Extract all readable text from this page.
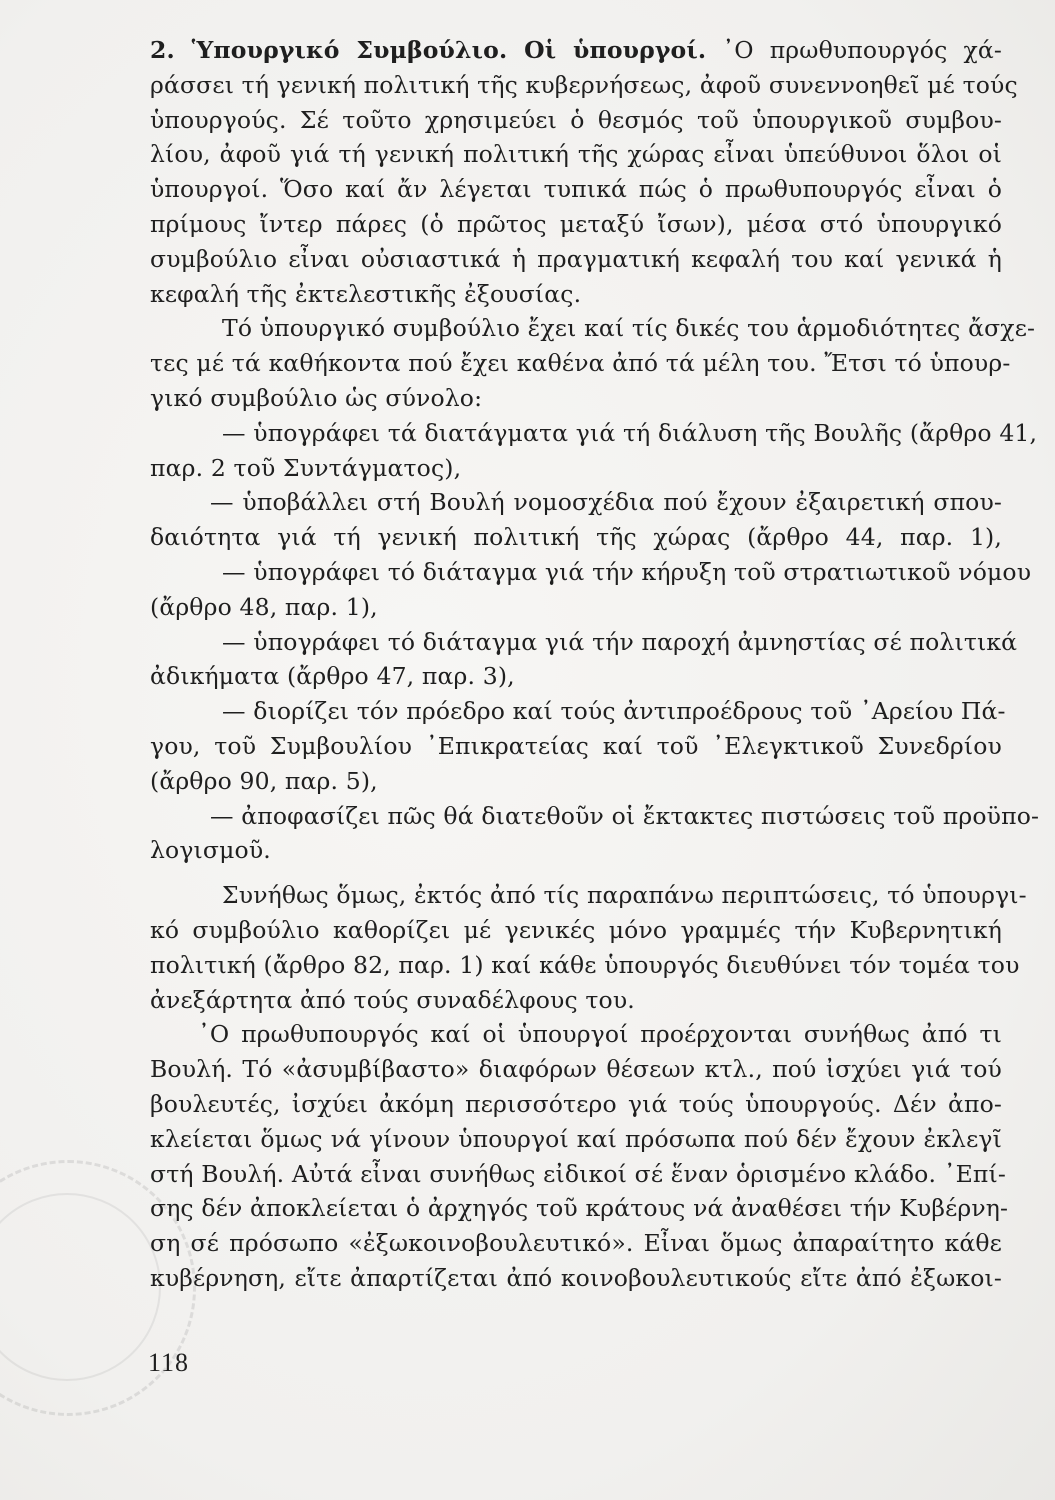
2. Ὑπουργικό Συμβούλιο. Οἱ ὑπουργοί. ᾿Ο πρωθυπουργός χά-
ράσσει τή γενική πολιτική τῆς κυβερνήσεως, ἀφοῦ συνεννοηθεῖ μέ τούς
ὑπουργούς. Σέ τοῦτο χρησιμεύει ὁ θεσμός τοῦ ὑπουργικοῦ συμβου-
λίου, ἀφοῦ γιά τή γενική πολιτική τῆς χώρας εἶναι ὑπεύθυνοι ὅλοι οἱ
ὑπουργοί. Ὅσο καί ἄν λέγεται τυπικά πώς ὁ πρωθυπουργός εἶναι ὁ
πρίμους ἴντερ πάρες (ὁ πρῶτος μεταξύ ἴσων), μέσα στό ὑπουργικό
συμβούλιο εἶναι οὐσιαστικά ἡ πραγματική κεφαλή του καί γενικά ἡ
κεφαλή τῆς ἐκτελεστικῆς ἐξουσίας.
Τό ὑπουργικό συμβούλιο ἔχει καί τίς δικές του ἁρμοδιότητες ἄσχε-
τες μέ τά καθήκοντα πού ἔχει καθένα ἀπό τά μέλη του. Ἔτσι τό ὑπουρ-
γικό συμβούλιο ὡς σύνολο:
— ὑπογράφει τά διατάγματα γιά τή διάλυση τῆς Βουλῆς (ἄρθρο 41,
παρ. 2 τοῦ Συντάγματος),
— ὑποβάλλει στή Βουλή νομοσχέδια πού ἔχουν ἐξαιρετική σπου-
δαιότητα γιά τή γενική πολιτική τῆς χώρας (ἄρθρο 44, παρ. 1),
— ὑπογράφει τό διάταγμα γιά τήν κήρυξη τοῦ στρατιωτικοῦ νόμου
(ἄρθρο 48, παρ. 1),
— ὑπογράφει τό διάταγμα γιά τήν παροχή ἀμνηστίας σέ πολιτικά
ἀδικήματα (ἄρθρο 47, παρ. 3),
— διορίζει τόν πρόεδρο καί τούς ἀντιπροέδρους τοῦ ᾿Αρείου Πά-
γου, τοῦ Συμβουλίου ᾿Επικρατείας καί τοῦ ᾿Ελεγκτικοῦ Συνεδρίου
(ἄρθρο 90, παρ. 5),
— ἀποφασίζει πῶς θά διατεθοῦν οἱ ἔκτακτες πιστώσεις τοῦ προϋπο-
λογισμοῦ.
Συνήθως ὅμως, ἐκτός ἀπό τίς παραπάνω περιπτώσεις, τό ὑπουργι-
κό συμβούλιο καθορίζει μέ γενικές μόνο γραμμές τήν Κυβερνητική
πολιτική (ἄρθρο 82, παρ. 1) καί κάθε ὑπουργός διευθύνει τόν τομέα του
ἀνεξάρτητα ἀπό τούς συναδέλφους του.
᾿Ο πρωθυπουργός καί οἱ ὑπουργοί προέρχονται συνήθως ἀπό τι
Βουλή. Τό «ἀσυμβίβαστο» διαφόρων θέσεων κτλ., πού ἰσχύει γιά τού
βουλευτές, ἰσχύει ἀκόμη περισσότερο γιά τούς ὑπουργούς. Δέν ἀπο-
κλείεται ὅμως νά γίνουν ὑπουργοί καί πρόσωπα πού δέν ἔχουν ἐκλεγῖ
στή Βουλή. Αὐτά εἶναι συνήθως εἰδικοί σέ ἕναν ὁρισμένο κλάδο. ᾿Επί-
σης δέν ἀποκλείεται ὁ ἀρχηγός τοῦ κράτους νά ἀναθέσει τήν Κυβέρνη-
ση σέ πρόσωπο «ἐξωκοινοβουλευτικό». Εἶναι ὅμως ἀπαραίτητο κάθε
κυβέρνηση, εἴτε ἀπαρτίζεται ἀπό κοινοβουλευτικούς εἴτε ἀπό ἐξωκοι-
118
